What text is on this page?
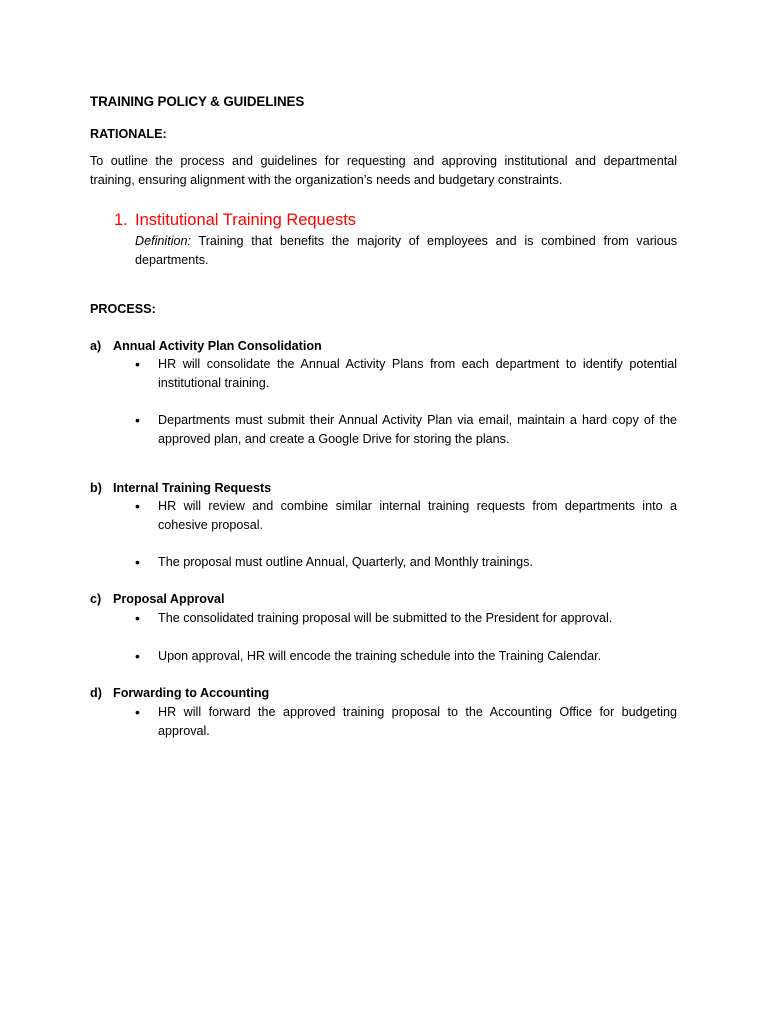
TRAINING POLICY & GUIDELINES
RATIONALE:
To outline the process and guidelines for requesting and approving institutional and departmental training, ensuring alignment with the organization’s needs and budgetary constraints.
1. Institutional Training Requests
Definition: Training that benefits the majority of employees and is combined from various departments.
PROCESS:
a) Annual Activity Plan Consolidation
• HR will consolidate the Annual Activity Plans from each department to identify potential institutional training.
• Departments must submit their Annual Activity Plan via email, maintain a hard copy of the approved plan, and create a Google Drive for storing the plans.
b) Internal Training Requests
• HR will review and combine similar internal training requests from departments into a cohesive proposal.
• The proposal must outline Annual, Quarterly, and Monthly trainings.
c) Proposal Approval
• The consolidated training proposal will be submitted to the President for approval.
• Upon approval, HR will encode the training schedule into the Training Calendar.
d) Forwarding to Accounting
• HR will forward the approved training proposal to the Accounting Office for budgeting approval.
